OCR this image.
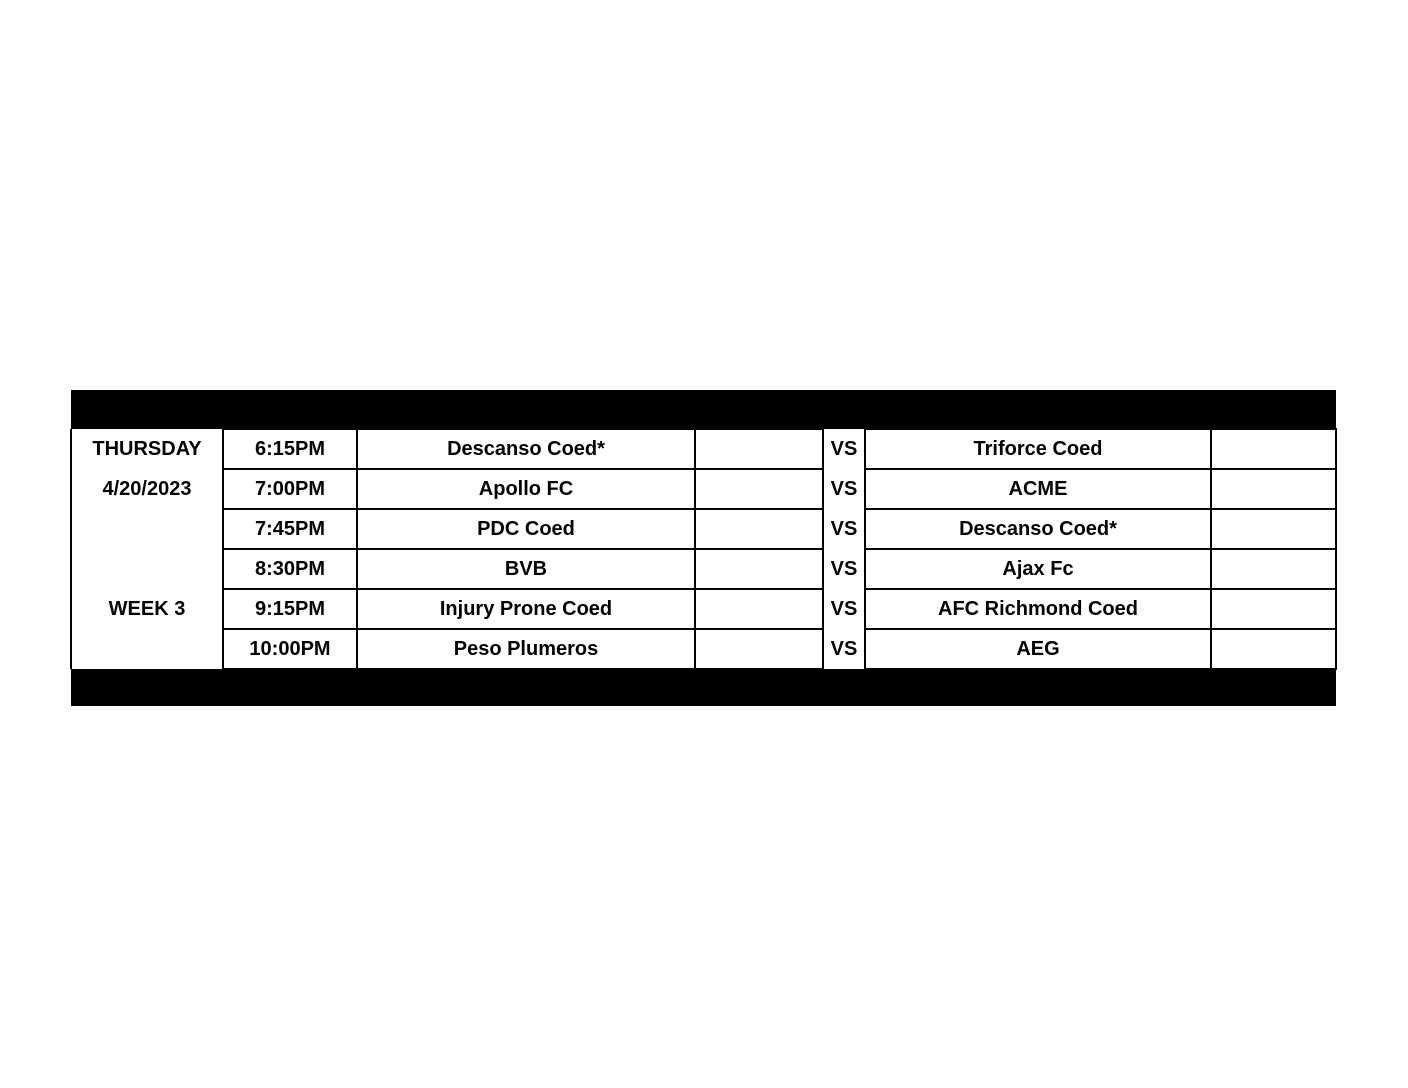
		HOME			AWAY	
THURSDAY	6:15PM	Descanso Coed*		VS	Triforce Coed	
4/20/2023	7:00PM	Apollo FC		VS	ACME	
	7:45PM	PDC Coed		VS	Descanso Coed*	
	8:30PM	BVB		VS	Ajax Fc	
WEEK 3	9:15PM	Injury Prone Coed		VS	AFC Richmond Coed	
	10:00PM	Peso Plumeros		VS	AEG	
		HOME WEAR LIGHT COLOR			AWAY WEAR DARK COLOR	
